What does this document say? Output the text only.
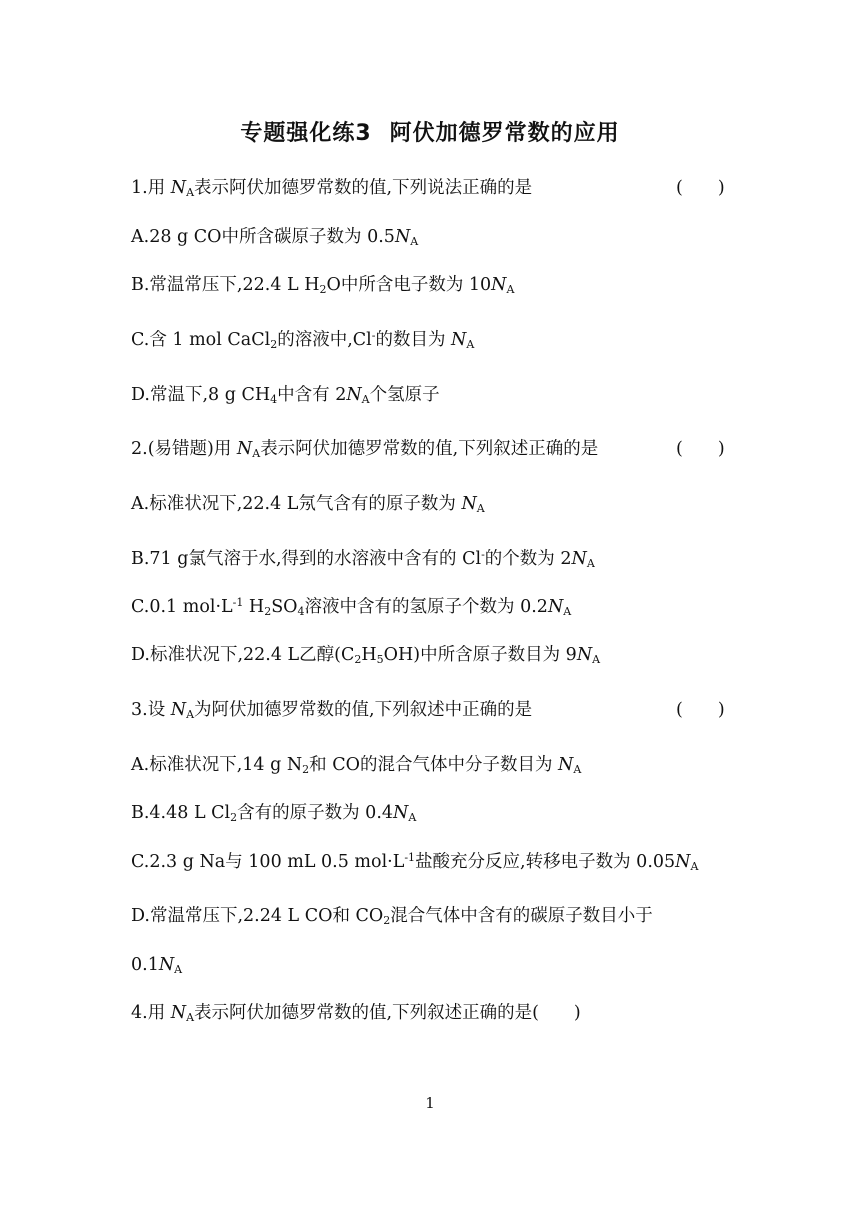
专题强化练3 阿伏加德罗常数的应用
1.用 $N_A$表示阿伏加德罗常数的值,下列说法正确的是	(　　)
A.28 g CO中所含碳原子数为 $0.5N_A$
B.常温常压下,22.4 L $H_2O$中所含电子数为 $10N_A$
C.含 1 mol CaCl$_2$的溶液中,Cl-的数目为 $N_A$
D.常温下,8 g $CH_4$中含有 $2N_A$个氢原子
2.(易错题)用 $N_A$表示阿伏加德罗常数的值,下列叙述正确的是	(　　)
A.标准状况下,22.4 L氖气含有的原子数为 $N_A$
B.71 g氯气溶于水,得到的水溶液中含有的 Cl-的个数为 $2N_A$
C.0.1 $mol\cdot L^{-1}$ $H_2SO_4$溶液中含有的氢原子个数为 $0.2N_A$
D.标准状况下,22.4 L乙醇$(C_2H_5OH)$中所含原子数目为 $9N_A$
3.设 $N_A$为阿伏加德罗常数的值,下列叙述中正确的是	(　　)
A.标准状况下,14 g $N_2$和 CO的混合气体中分子数目为 $N_A$
B.4.48 L $Cl_2$含有的原子数为 $0.4N_A$
C.2.3 g Na与 100 mL 0.5 $mol\cdot L^{-1}$盐酸充分反应,转移电子数为 $0.05N_A$
D.常温常压下,2.24 L CO和 $CO_2$混合气体中含有的碳原子数目小于
$0.1N_A$
4.用 $N_A$表示阿伏加德罗常数的值,下列叙述正确的是(　　)
1
